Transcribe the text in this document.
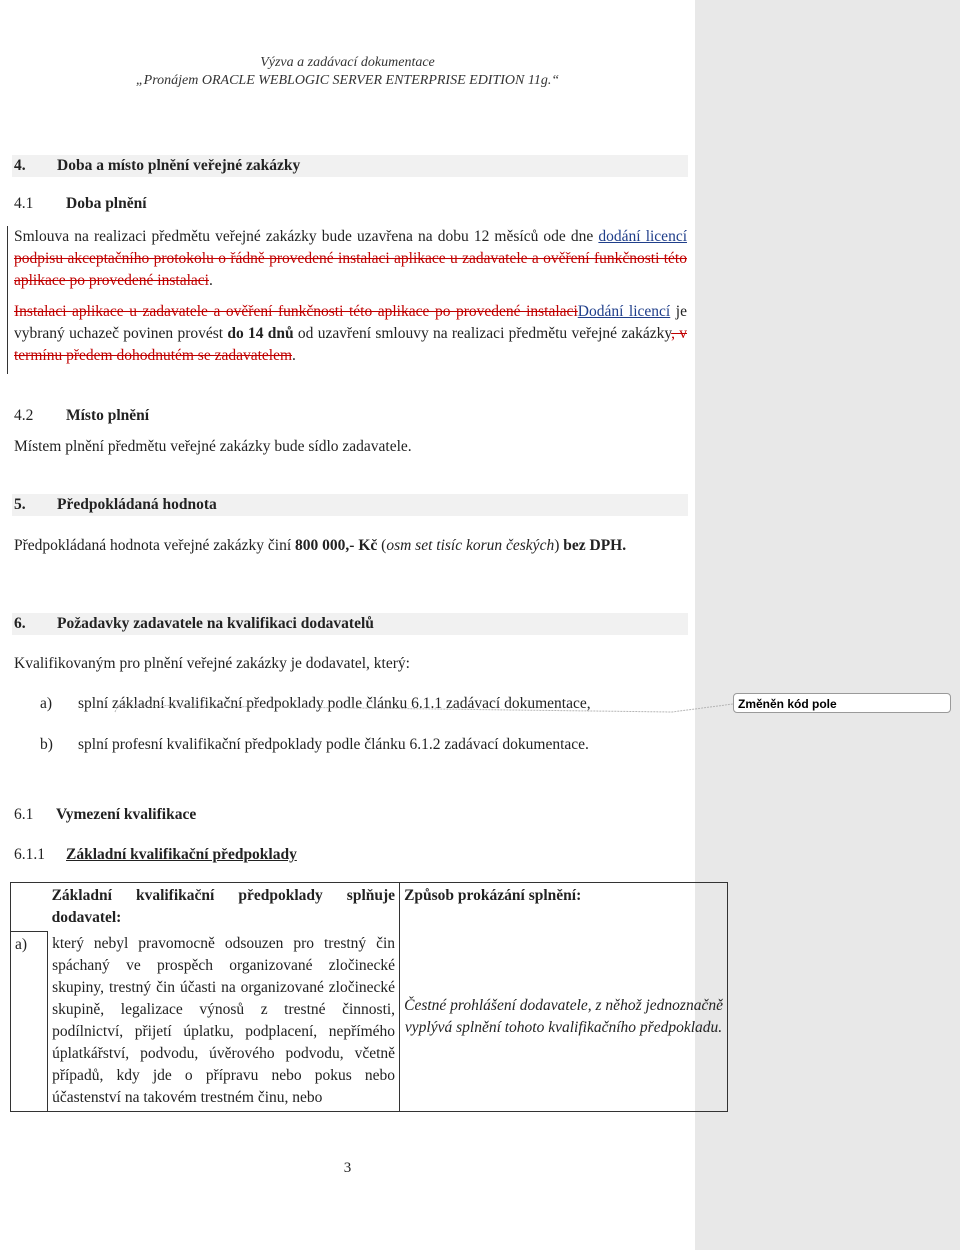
Výzva a zadávací dokumentace
„Pronájem ORACLE WEBLOGIC SERVER ENTERPRISE EDITION 11g.“
4. Doba a místo plnění veřejné zakázky
4.1 Doba plnění
Smlouva na realizaci předmětu veřejné zakázky bude uzavřena na dobu 12 měsíců ode dne dodání licencí podpisu akceptačního protokolu o řádně provedené instalaci aplikace u zadavatele a ověření funkčnosti této aplikace po provedené instalaci.
Instalaci aplikace u zadavatele a ověření funkčnosti této aplikace po provedené instalaciDodání licencí je vybraný uchazeč povinen provést do 14 dnů od uzavření smlouvy na realizaci předmětu veřejné zakázky, v termínu předem dohodnutém se zadavatelem.
4.2 Místo plnění
Místem plnění předmětu veřejné zakázky bude sídlo zadavatele.
5. Předpokládaná hodnota
Předpokládaná hodnota veřejné zakázky činí 800 000,- Kč (osm set tisíc korun českých) bez DPH.
6. Požadavky zadavatele na kvalifikaci dodavatelů
Kvalifikovaným pro plnění veřejné zakázky je dodavatel, který:
a) splní základní kvalifikační předpoklady podle článku 6.1.1 zadávací dokumentace,
b) splní profesní kvalifikační předpoklady podle článku 6.1.2 zadávací dokumentace.
6.1 Vymezení kvalifikace
6.1.1 Základní kvalifikační předpoklady
3
	Základní kvalifikační předpoklady splňuje dodavatel:	Způsob prokázání splnění:
a)	který nebyl pravomocně odsouzen pro trestný čin spáchaný ve prospěch organizované zločinecké skupiny, trestný čin účasti na organizované zločinecké skupině, legalizace výnosů z trestné činnosti, podílnictví, přijetí úplatku, podplacení, nepřímého úplatkářství, podvodu, úvěrového podvodu, včetně případů, kdy jde o přípravu nebo pokus nebo účastenství na takovém trestném činu, nebo	Čestné prohlášení dodavatele, z něhož jednoznačně vyplývá splnění tohoto kvalifikačního předpokladu.
Změněn kód pole
